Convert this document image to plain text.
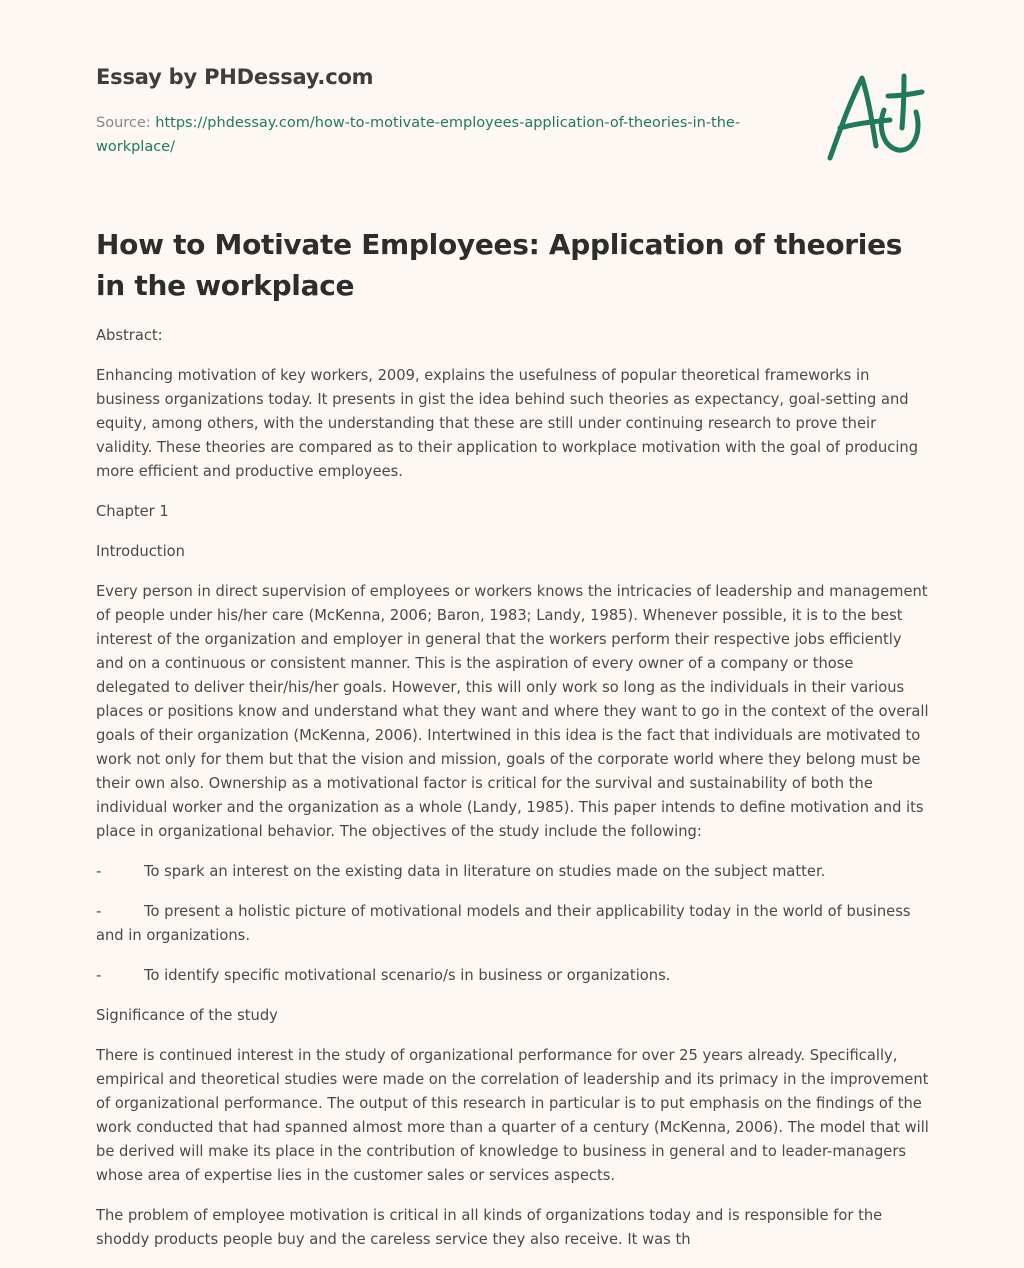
Essay by PHDessay.com
Source: https://phdessay.com/how-to-motivate-employees-application-of-theories-in-the-workplace/
How to Motivate Employees: Application of theories in the workplace

Abstract:

Enhancing motivation of key workers, 2009, explains the usefulness of popular theoretical frameworks in business organizations today. It presents in gist the idea behind such theories as expectancy, goal-setting and equity, among others, with the understanding that these are still under continuing research to prove their validity. These theories are compared as to their application to workplace motivation with the goal of producing more efficient and productive employees.

Chapter 1

Introduction

Every person in direct supervision of employees or workers knows the intricacies of leadership and management of people under his/her care (McKenna, 2006; Baron, 1983; Landy, 1985). Whenever possible, it is to the best interest of the organization and employer in general that the workers perform their respective jobs efficiently and on a continuous or consistent manner. This is the aspiration of every owner of a company or those delegated to deliver their/his/her goals. However, this will only work so long as the individuals in their various places or positions know and understand what they want and where they want to go in the context of the overall goals of their organization (McKenna, 2006). Intertwined in this idea is the fact that individuals are motivated to work not only for them but that the vision and mission, goals of the corporate world where they belong must be their own also. Ownership as a motivational factor is critical for the survival and sustainability of both the individual worker and the organization as a whole (Landy, 1985). This paper intends to define motivation and its place in organizational behavior. The objectives of the study include the following:

-	To spark an interest on the existing data in literature on studies made on the subject matter.
-	To present a holistic picture of motivational models and their applicability today in the world of business and in organizations.
-	To identify specific motivational scenario/s in business or organizations.

Significance of the study

There is continued interest in the study of organizational performance for over 25 years already. Specifically, empirical and theoretical studies were made on the correlation of leadership and its primacy in the improvement of organizational performance. The output of this research in particular is to put emphasis on the findings of the work conducted that had spanned almost more than a quarter of a century (McKenna, 2006). The model that will be derived will make its place in the contribution of knowledge to business in general and to leader-managers whose area of expertise lies in the customer sales or services aspects.

The problem of employee motivation is critical in all kinds of organizations today and is responsible for the shoddy products people buy and the careless service they also receive. It was th
